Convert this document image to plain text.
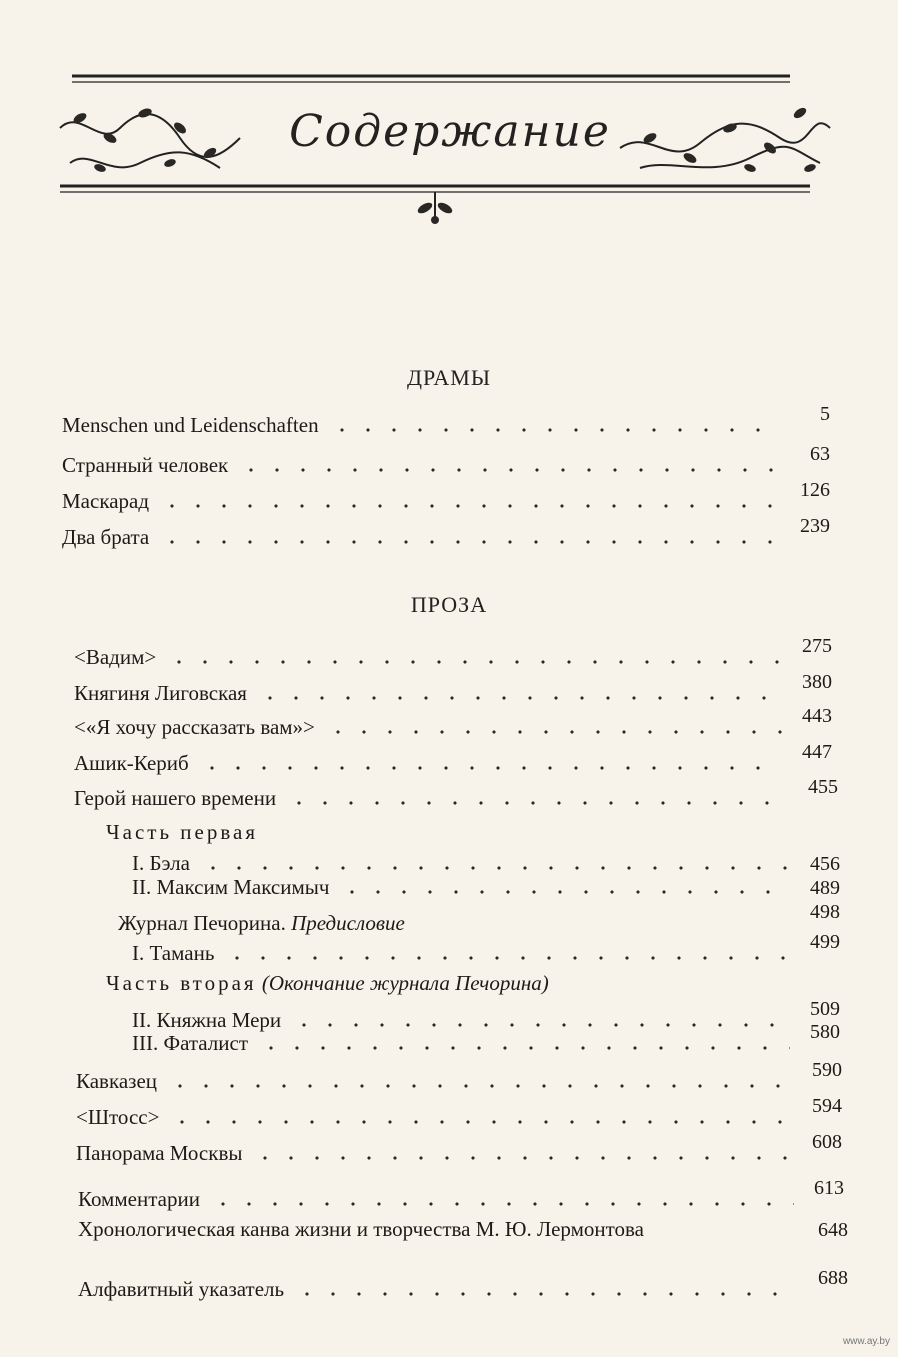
Содержание
ДРАМЫ
Menschen und Leidenschaften	5
Странный человек	63
Маскарад	126
Два брата	239
ПРОЗА
<Вадим>	275
Княгиня Лиговская	380
<«Я хочу рассказать вам»>	443
Ашик-Кериб	447
Герой нашего времени	455
Часть первая
I. Бэла	456
II. Максим Максимыч	489
Журнал Печорина. Предисловие	498
I. Тамань	499
Часть вторая (Окончание журнала Печорина)
II. Княжна Мери	509
III. Фаталист	580
Кавказец	590
<Штосс>	594
Панорама Москвы	608
Комментарии	613
Хронологическая канва жизни и творчества М. Ю. Лермонтова	648
Алфавитный указатель	688
www.ay.by
